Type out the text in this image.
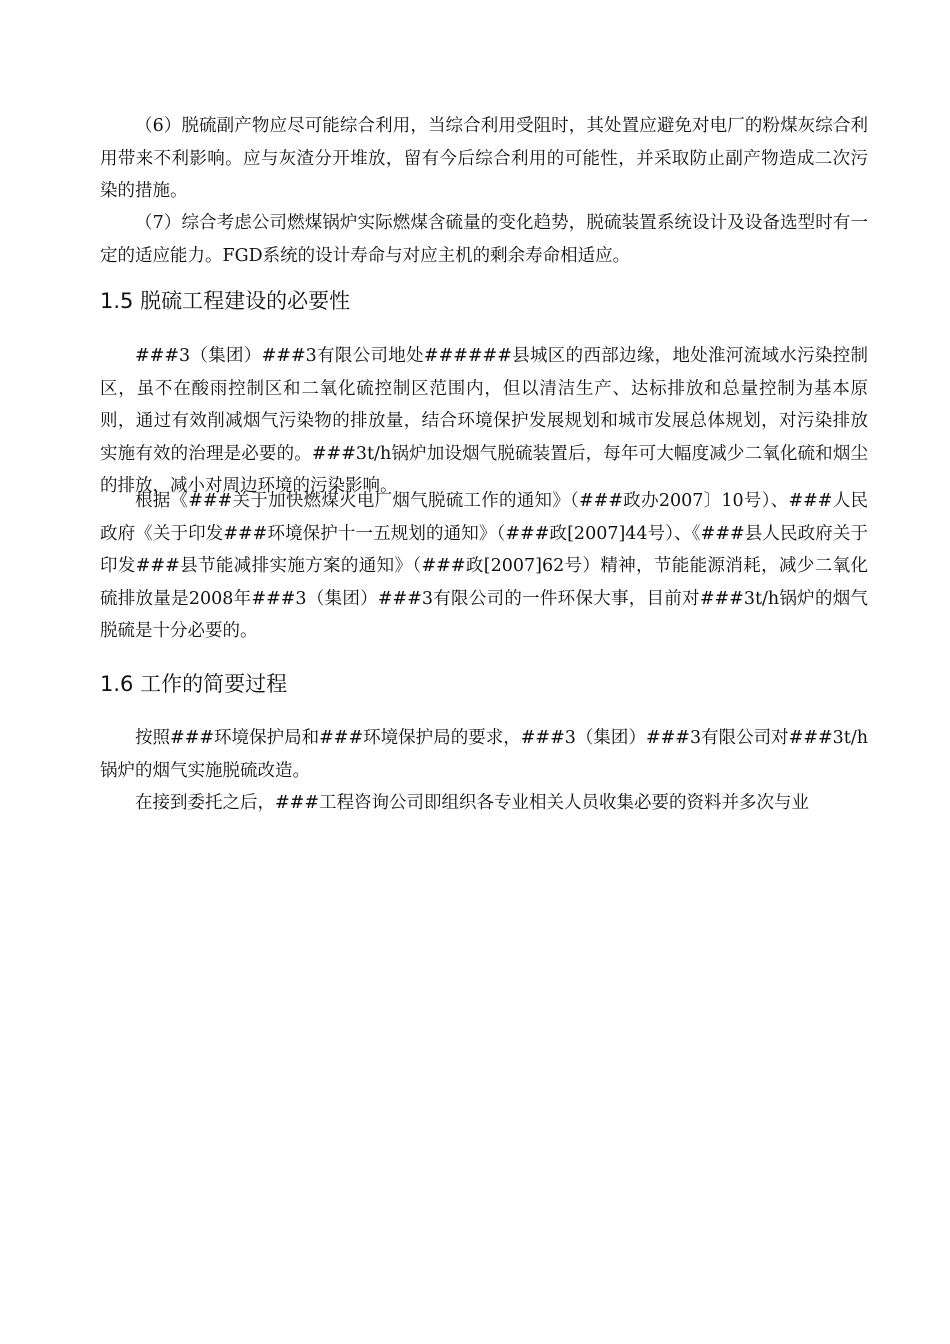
（6）脱硫副产物应尽可能综合利用，当综合利用受阻时，其处置应避免对电厂的粉煤灰综合利用带来不利影响。应与灰渣分开堆放，留有今后综合利用的可能性，并采取防止副产物造成二次污染的措施。

（7）综合考虑公司燃煤锅炉实际燃煤含硫量的变化趋势，脱硫装置系统设计及设备选型时有一定的适应能力。FGD系统的设计寿命与对应主机的剩余寿命相适应。

1.5 脱硫工程建设的必要性

###3（集团）###3有限公司地处######县城区的西部边缘，地处淮河流域水污染控制区，虽不在酸雨控制区和二氧化硫控制区范围内，但以清洁生产、达标排放和总量控制为基本原则，通过有效削减烟气污染物的排放量，结合环境保护发展规划和城市发展总体规划，对污染排放实施有效的治理是必要的。###3t/h锅炉加设烟气脱硫装置后，每年可大幅度减少二氧化硫和烟尘的排放，减小对周边环境的污染影响。

根据《###关于加快燃煤火电厂烟气脱硫工作的通知》（###政办2007〕10号）、###人民政府《关于印发###环境保护十一五规划的通知》（###政[2007]44号）、《###县人民政府关于印发###县节能减排实施方案的通知》（###政[2007]62号）精神，节能能源消耗，减少二氧化硫排放量是2008年###3（集团）###3有限公司的一件环保大事，目前对###3t/h锅炉的烟气脱硫是十分必要的。

1.6 工作的简要过程

按照###环境保护局和###环境保护局的要求，###3（集团）###3有限公司对###3t/h锅炉的烟气实施脱硫改造。

在接到委托之后，###工程咨询公司即组织各专业相关人员收集必要的资料并多次与业
